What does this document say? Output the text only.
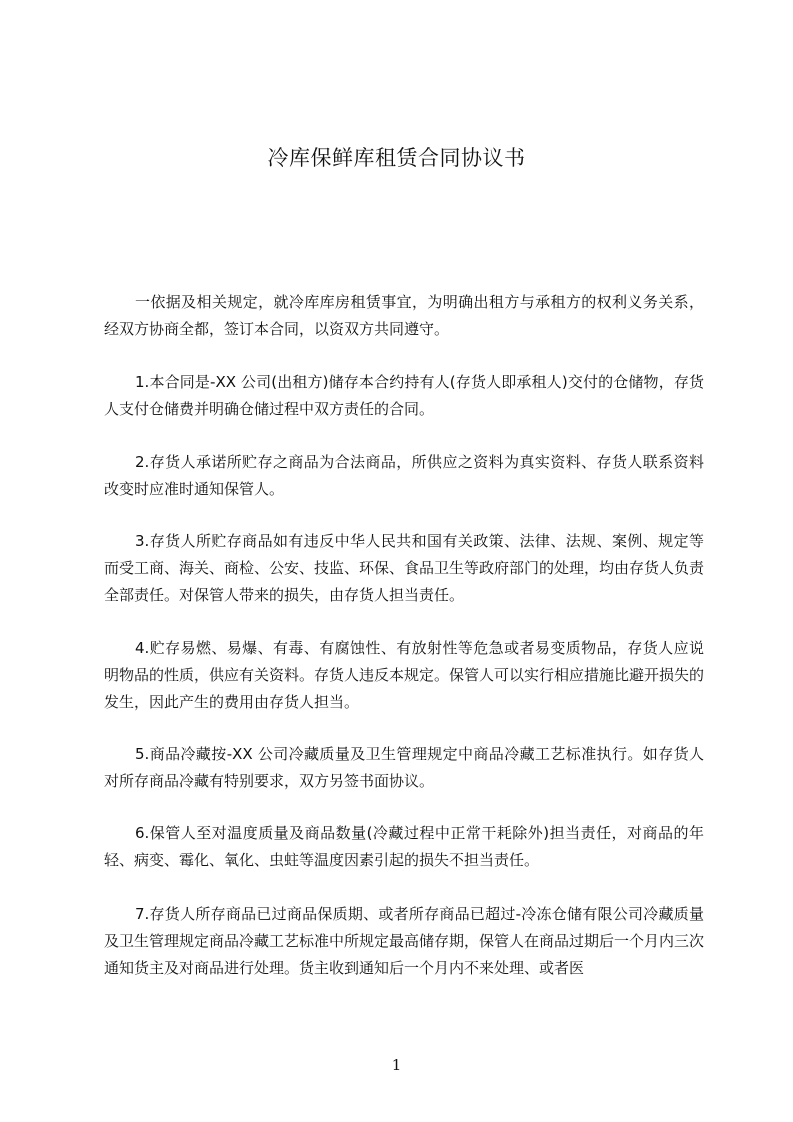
冷库保鲜库租赁合同协议书

一依据及相关规定，就冷库库房租赁事宜，为明确出租方与承租方的权利义务关系，经双方协商全都，签订本合同，以资双方共同遵守。

1.本合同是-XX 公司(出租方)储存本合约持有人(存货人即承租人)交付的仓储物，存货人支付仓储费并明确仓储过程中双方责任的合同。

2.存货人承诺所贮存之商品为合法商品，所供应之资料为真实资料、存货人联系资料改变时应准时通知保管人。

3.存货人所贮存商品如有违反中华人民共和国有关政策、法律、法规、案例、规定等而受工商、海关、商检、公安、技监、环保、食品卫生等政府部门的处理，均由存货人负责全部责任。对保管人带来的损失，由存货人担当责任。

4.贮存易燃、易爆、有毒、有腐蚀性、有放射性等危急或者易变质物品，存货人应说明物品的性质，供应有关资料。存货人违反本规定。保管人可以实行相应措施比避开损失的发生，因此产生的费用由存货人担当。

5.商品冷藏按-XX 公司冷藏质量及卫生管理规定中商品冷藏工艺标准执行。如存货人对所存商品冷藏有特别要求，双方另签书面协议。

6.保管人至对温度质量及商品数量(冷藏过程中正常干耗除外)担当责任，对商品的年轻、病变、霉化、氧化、虫蛀等温度因素引起的损失不担当责任。

7.存货人所存商品已过商品保质期、或者所存商品已超过-冷冻仓储有限公司冷藏质量及卫生管理规定商品冷藏工艺标准中所规定最高储存期，保管人在商品过期后一个月内三次通知货主及对商品进行处理。货主收到通知后一个月内不来处理、或者医

1
